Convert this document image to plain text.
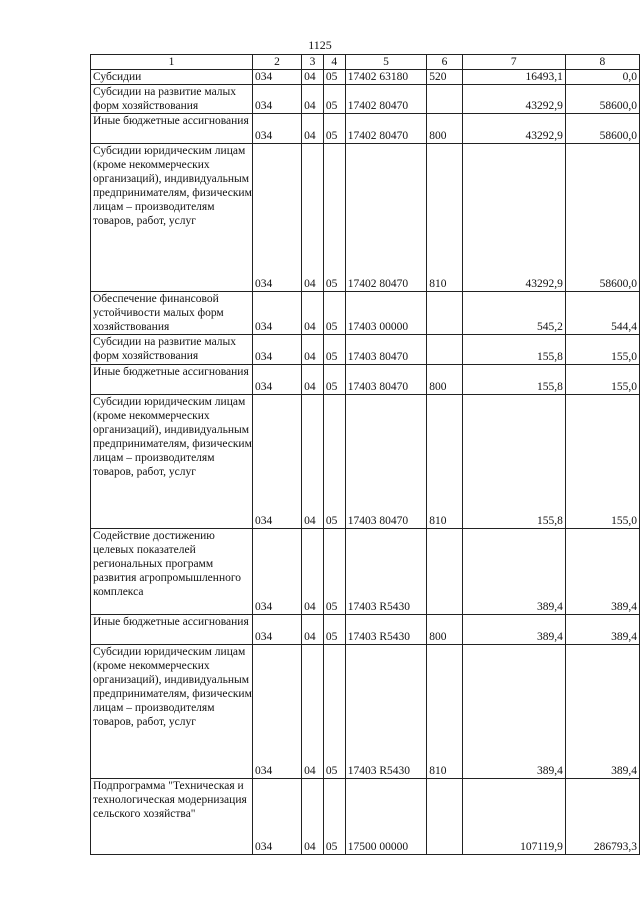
1125
1	2	3	4	5	6	7	8
Субсидии	034	04	05	17402 63180	520	16493,1	0,0
Субсидии на развитие малых форм хозяйствования	034	04	05	17402 80470		43292,9	58600,0
Иные бюджетные ассигнования	034	04	05	17402 80470	800	43292,9	58600,0
Субсидии юридическим лицам (кроме некоммерческих организаций), индивидуальным предпринимателям, физическим лицам – производителям товаров, работ, услуг	034	04	05	17402 80470	810	43292,9	58600,0
Обеспечение финансовой устойчивости малых форм хозяйствования	034	04	05	17403 00000		545,2	544,4
Субсидии на развитие малых форм хозяйствования	034	04	05	17403 80470		155,8	155,0
Иные бюджетные ассигнования	034	04	05	17403 80470	800	155,8	155,0
Субсидии юридическим лицам (кроме некоммерческих организаций), индивидуальным предпринимателям, физическим лицам – производителям товаров, работ, услуг	034	04	05	17403 80470	810	155,8	155,0
Содействие достижению целевых показателей региональных программ развития агропромышленного комплекса	034	04	05	17403 R5430		389,4	389,4
Иные бюджетные ассигнования	034	04	05	17403 R5430	800	389,4	389,4
Субсидии юридическим лицам (кроме некоммерческих организаций), индивидуальным предпринимателям, физическим лицам – производителям товаров, работ, услуг	034	04	05	17403 R5430	810	389,4	389,4
Подпрограмма "Техническая и технологическая модернизация сельского хозяйства"	034	04	05	17500 00000		107119,9	286793,3
